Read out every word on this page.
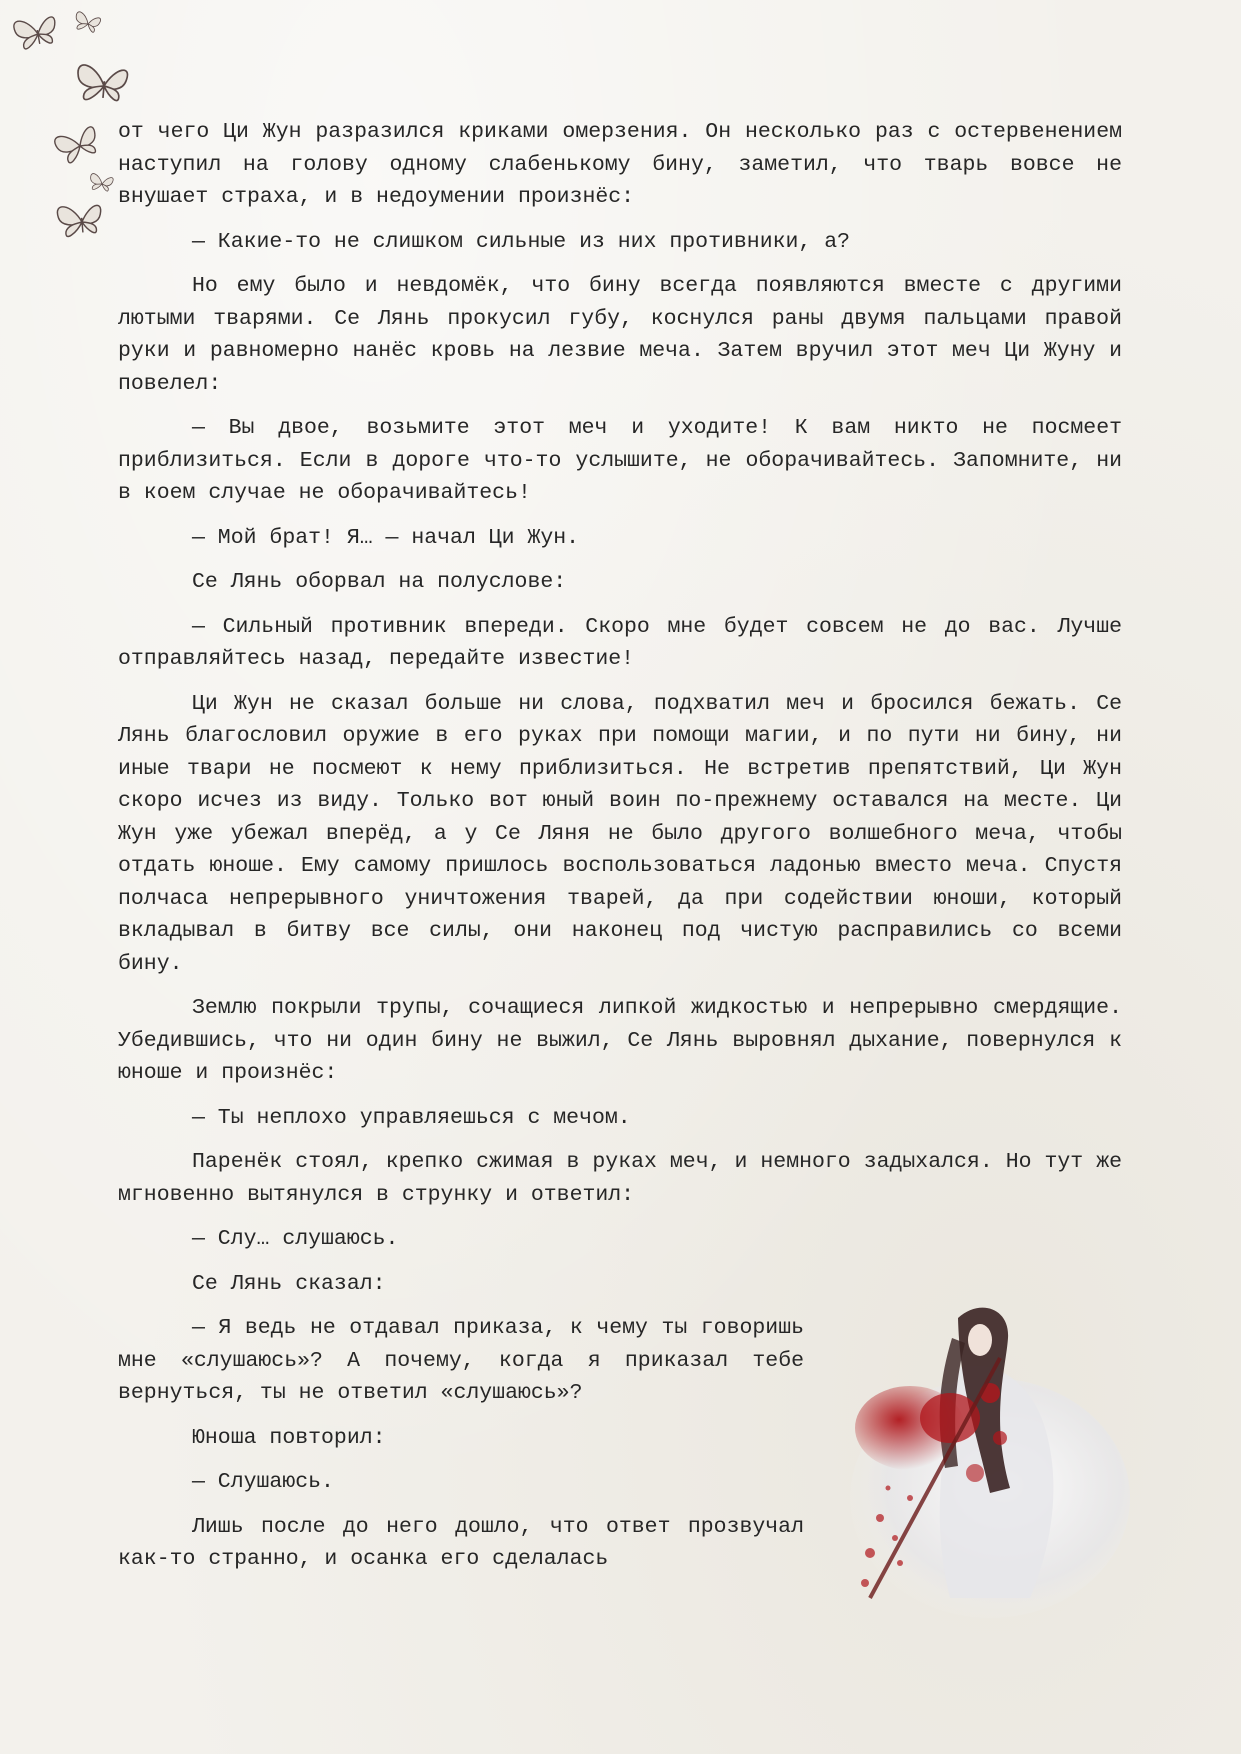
от чего Ци Жун разразился криками омерзения. Он несколько раз с остервенением наступил на голову одному слабенькому бину, заметил, что тварь вовсе не внушает страха, и в недоумении произнёс:

— Какие-то не слишком сильные из них противники, а?

Но ему было и невдомёк, что бину всегда появляются вместе с другими лютыми тварями. Се Лянь прокусил губу, коснулся раны двумя пальцами правой руки и равномерно нанёс кровь на лезвие меча. Затем вручил этот меч Ци Жуну и повелел:

— Вы двое, возьмите этот меч и уходите! К вам никто не посмеет приблизиться. Если в дороге что-то услышите, не оборачивайтесь. Запомните, ни в коем случае не оборачивайтесь!

— Мой брат! Я… — начал Ци Жун.

Се Лянь оборвал на полуслове:

— Сильный противник впереди. Скоро мне будет совсем не до вас. Лучше отправляйтесь назад, передайте известие!

Ци Жун не сказал больше ни слова, подхватил меч и бросился бежать. Се Лянь благословил оружие в его руках при помощи магии, и по пути ни бину, ни иные твари не посмеют к нему приблизиться. Не встретив препятствий, Ци Жун скоро исчез из виду. Только вот юный воин по-прежнему оставался на месте. Ци Жун уже убежал вперёд, а у Се Ляня не было другого волшебного меча, чтобы отдать юноше. Ему самому пришлось воспользоваться ладонью вместо меча. Спустя полчаса непрерывного уничтожения тварей, да при содействии юноши, который вкладывал в битву все силы, они наконец под чистую расправились со всеми бину.

Землю покрыли трупы, сочащиеся липкой жидкостью и непрерывно смердящие. Убедившись, что ни один бину не выжил, Се Лянь выровнял дыхание, повернулся к юноше и произнёс:

— Ты неплохо управляешься с мечом.

Паренёк стоял, крепко сжимая в руках меч, и немного задыхался. Но тут же мгновенно вытянулся в струнку и ответил:

— Слу… слушаюсь.

Се Лянь сказал:

— Я ведь не отдавал приказа, к чему ты говоришь мне «слушаюсь»? А почему, когда я приказал тебе вернуться, ты не ответил «слушаюсь»?

Юноша повторил:

— Слушаюсь.

Лишь после до него дошло, что ответ прозвучал как-то странно, и осанка его сделалась
